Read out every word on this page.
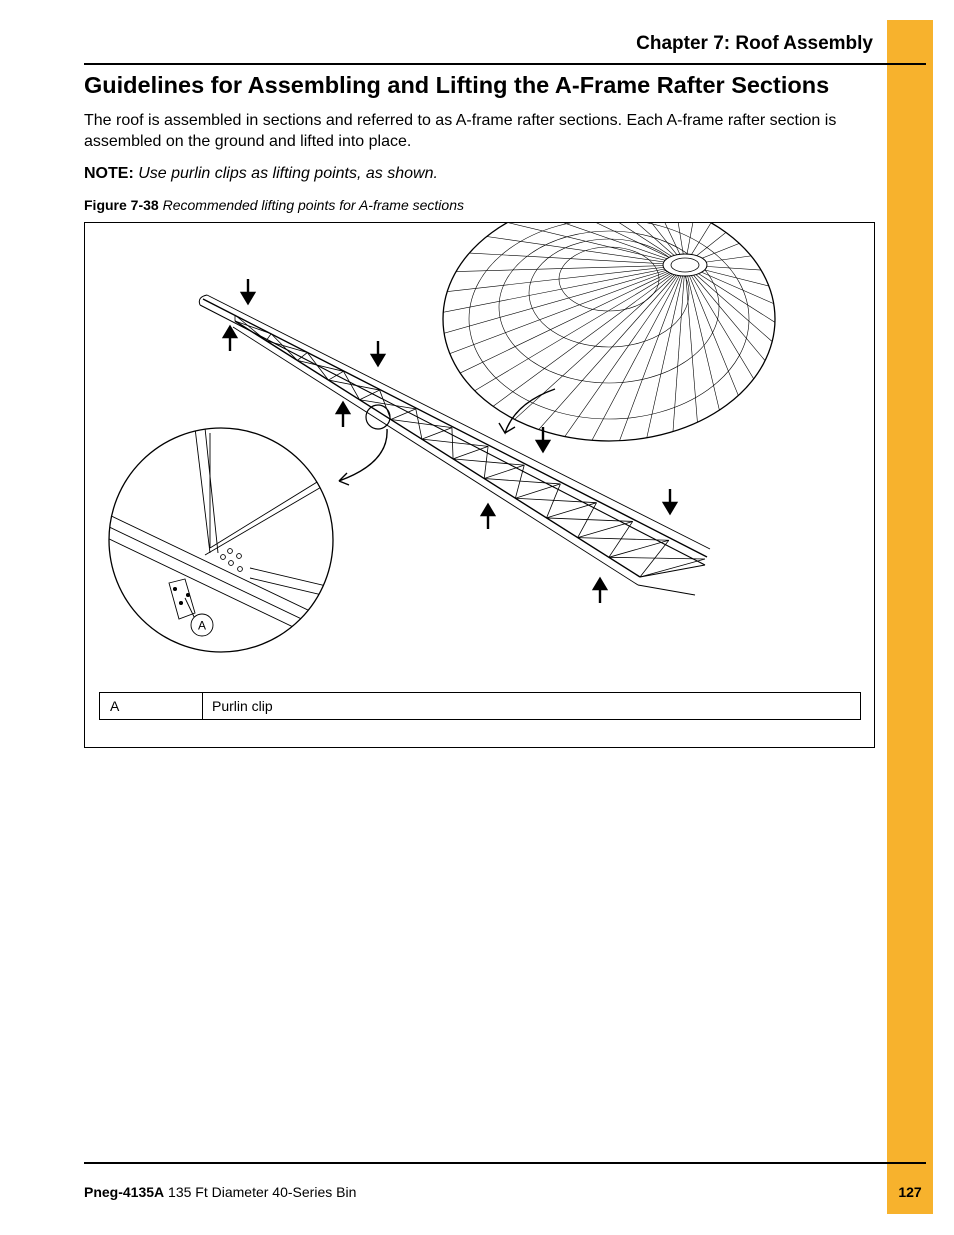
Chapter 7: Roof Assembly
Guidelines for Assembling and Lifting the A-Frame Rafter Sections
The roof is assembled in sections and referred to as A-frame rafter sections. Each A-frame rafter section is assembled on the ground and lifted into place.
NOTE: Use purlin clips as lifting points, as shown.
Figure 7-38 Recommended lifting points for A-frame sections
A
A	Purlin clip
Pneg-4135A 135 Ft Diameter 40-Series Bin	127
